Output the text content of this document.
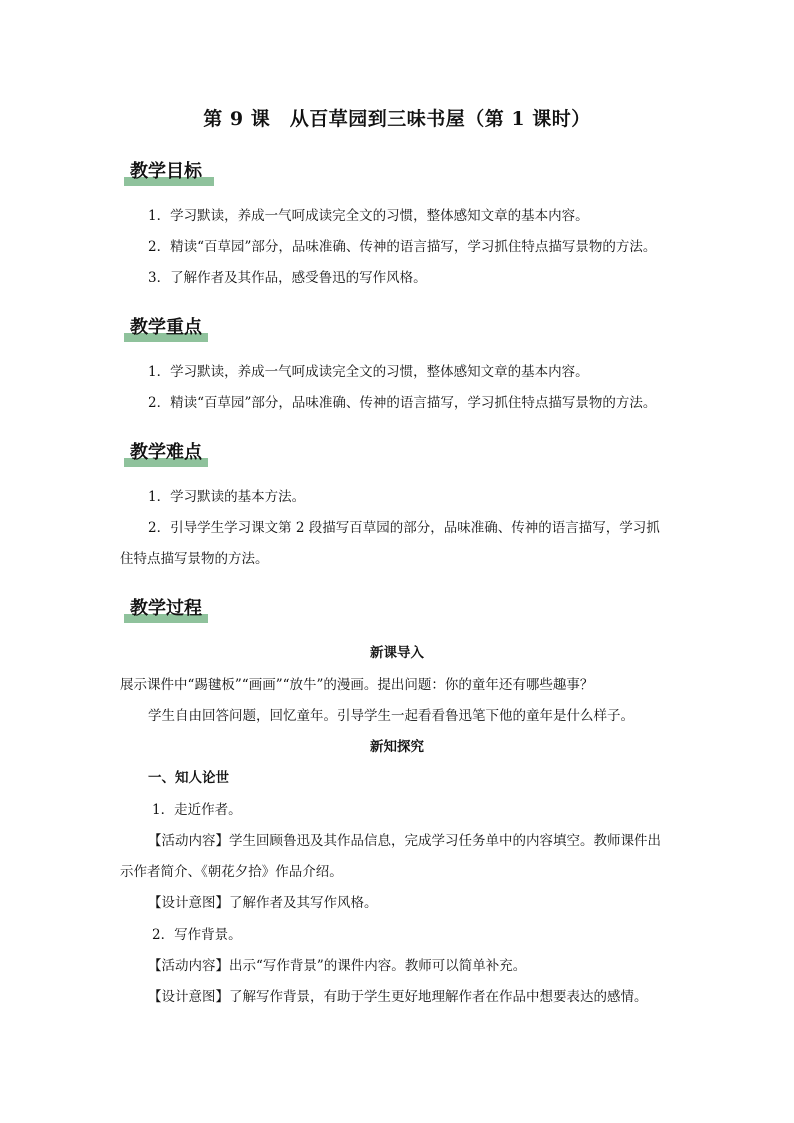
第 9 课　从百草园到三味书屋（第 1 课时）
教学目标
1．学习默读，养成一气呵成读完全文的习惯，整体感知文章的基本内容。
2．精读“百草园”部分，品味准确、传神的语言描写，学习抓住特点描写景物的方法。
3．了解作者及其作品，感受鲁迅的写作风格。
教学重点
1．学习默读，养成一气呵成读完全文的习惯，整体感知文章的基本内容。
2．精读“百草园”部分，品味准确、传神的语言描写，学习抓住特点描写景物的方法。
教学难点
1．学习默读的基本方法。
2．引导学生学习课文第 2 段描写百草园的部分，品味准确、传神的语言描写，学习抓
住特点描写景物的方法。
教学过程
新课导入
展示课件中“踢毽板”“画画”“放牛”的漫画。提出问题：你的童年还有哪些趣事？
学生自由回答问题，回忆童年。引导学生一起看看鲁迅笔下他的童年是什么样子。
新知探究
一、知人论世
1．走近作者。
【活动内容】学生回顾鲁迅及其作品信息，完成学习任务单中的内容填空。教师课件出
示作者简介、《朝花夕拾》作品介绍。
【设计意图】了解作者及其写作风格。
2．写作背景。
【活动内容】出示“写作背景”的课件内容。教师可以简单补充。
【设计意图】了解写作背景，有助于学生更好地理解作者在作品中想要表达的感情。
